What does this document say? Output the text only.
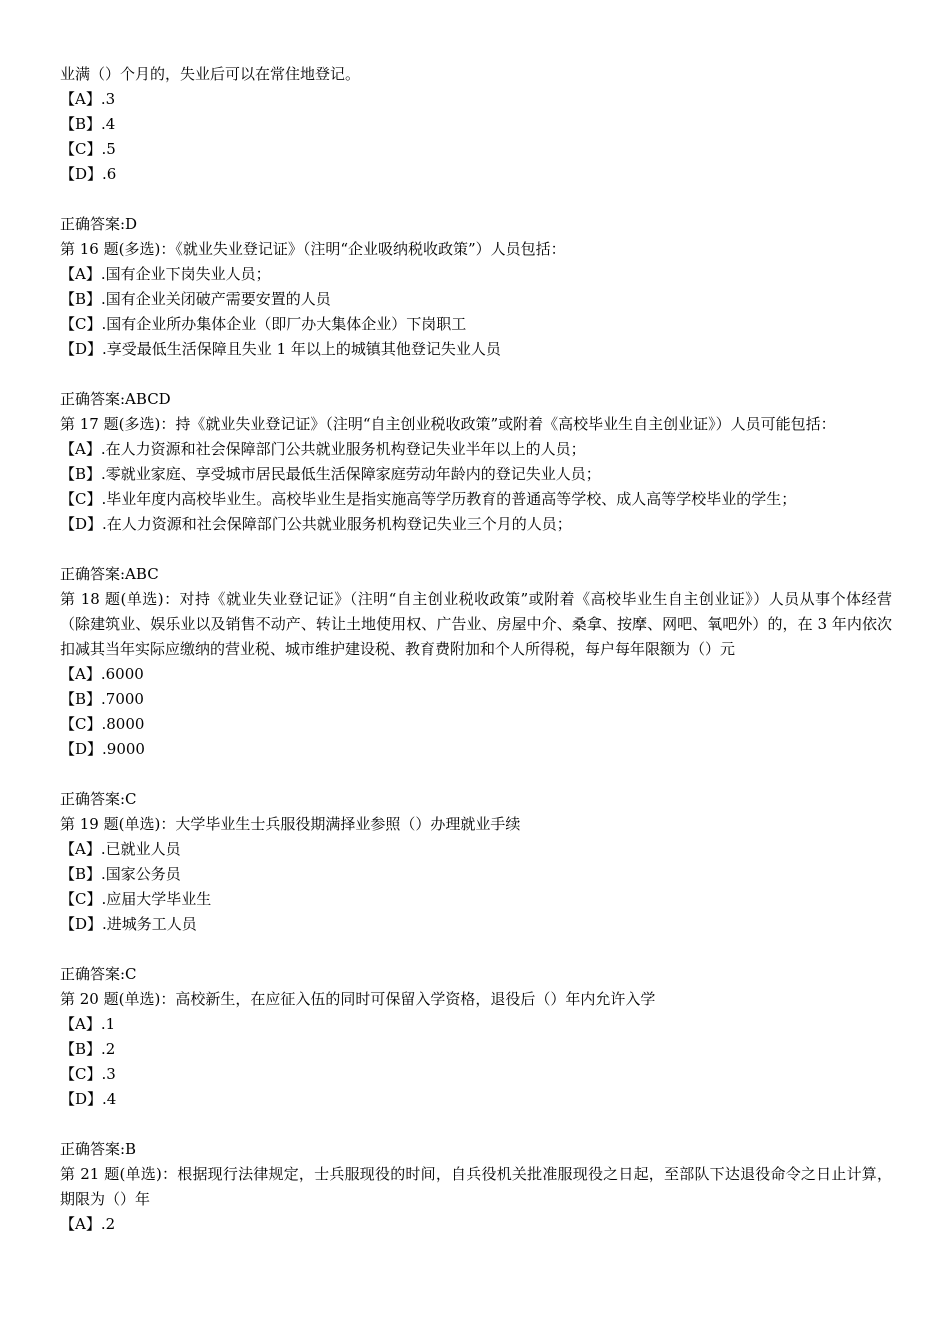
业满（）个月的，失业后可以在常住地登记。
【A】.3
【B】.4
【C】.5
【D】.6
正确答案:D
第 16 题(多选)：《就业失业登记证》（注明“企业吸纳税收政策”）人员包括：
【A】.国有企业下岗失业人员；
【B】.国有企业关闭破产需要安置的人员
【C】.国有企业所办集体企业（即厂办大集体企业）下岗职工
【D】.享受最低生活保障且失业 1 年以上的城镇其他登记失业人员
正确答案:ABCD
第 17 题(多选)：持《就业失业登记证》（注明“自主创业税收政策”或附着《高校毕业生自主创业证》）人员可能包括：
【A】.在人力资源和社会保障部门公共就业服务机构登记失业半年以上的人员；
【B】.零就业家庭、享受城市居民最低生活保障家庭劳动年龄内的登记失业人员；
【C】.毕业年度内高校毕业生。高校毕业生是指实施高等学历教育的普通高等学校、成人高等学校毕业的学生；
【D】.在人力资源和社会保障部门公共就业服务机构登记失业三个月的人员；
正确答案:ABC
第 18 题(单选)：对持《就业失业登记证》（注明“自主创业税收政策”或附着《高校毕业生自主创业证》）人员从事个体经营（除建筑业、娱乐业以及销售不动产、转让土地使用权、广告业、房屋中介、桑拿、按摩、网吧、氧吧外）的，在 3 年内依次扣减其当年实际应缴纳的营业税、城市维护建设税、教育费附加和个人所得税，每户每年限额为（）元
【A】.6000
【B】.7000
【C】.8000
【D】.9000
正确答案:C
第 19 题(单选)：大学毕业生士兵服役期满择业参照（）办理就业手续
【A】.已就业人员
【B】.国家公务员
【C】.应届大学毕业生
【D】.进城务工人员
正确答案:C
第 20 题(单选)：高校新生，在应征入伍的同时可保留入学资格，退役后（）年内允许入学
【A】.1
【B】.2
【C】.3
【D】.4
正确答案:B
第 21 题(单选)：根据现行法律规定，士兵服现役的时间，自兵役机关批准服现役之日起，至部队下达退役命令之日止计算，期限为（）年
【A】.2
